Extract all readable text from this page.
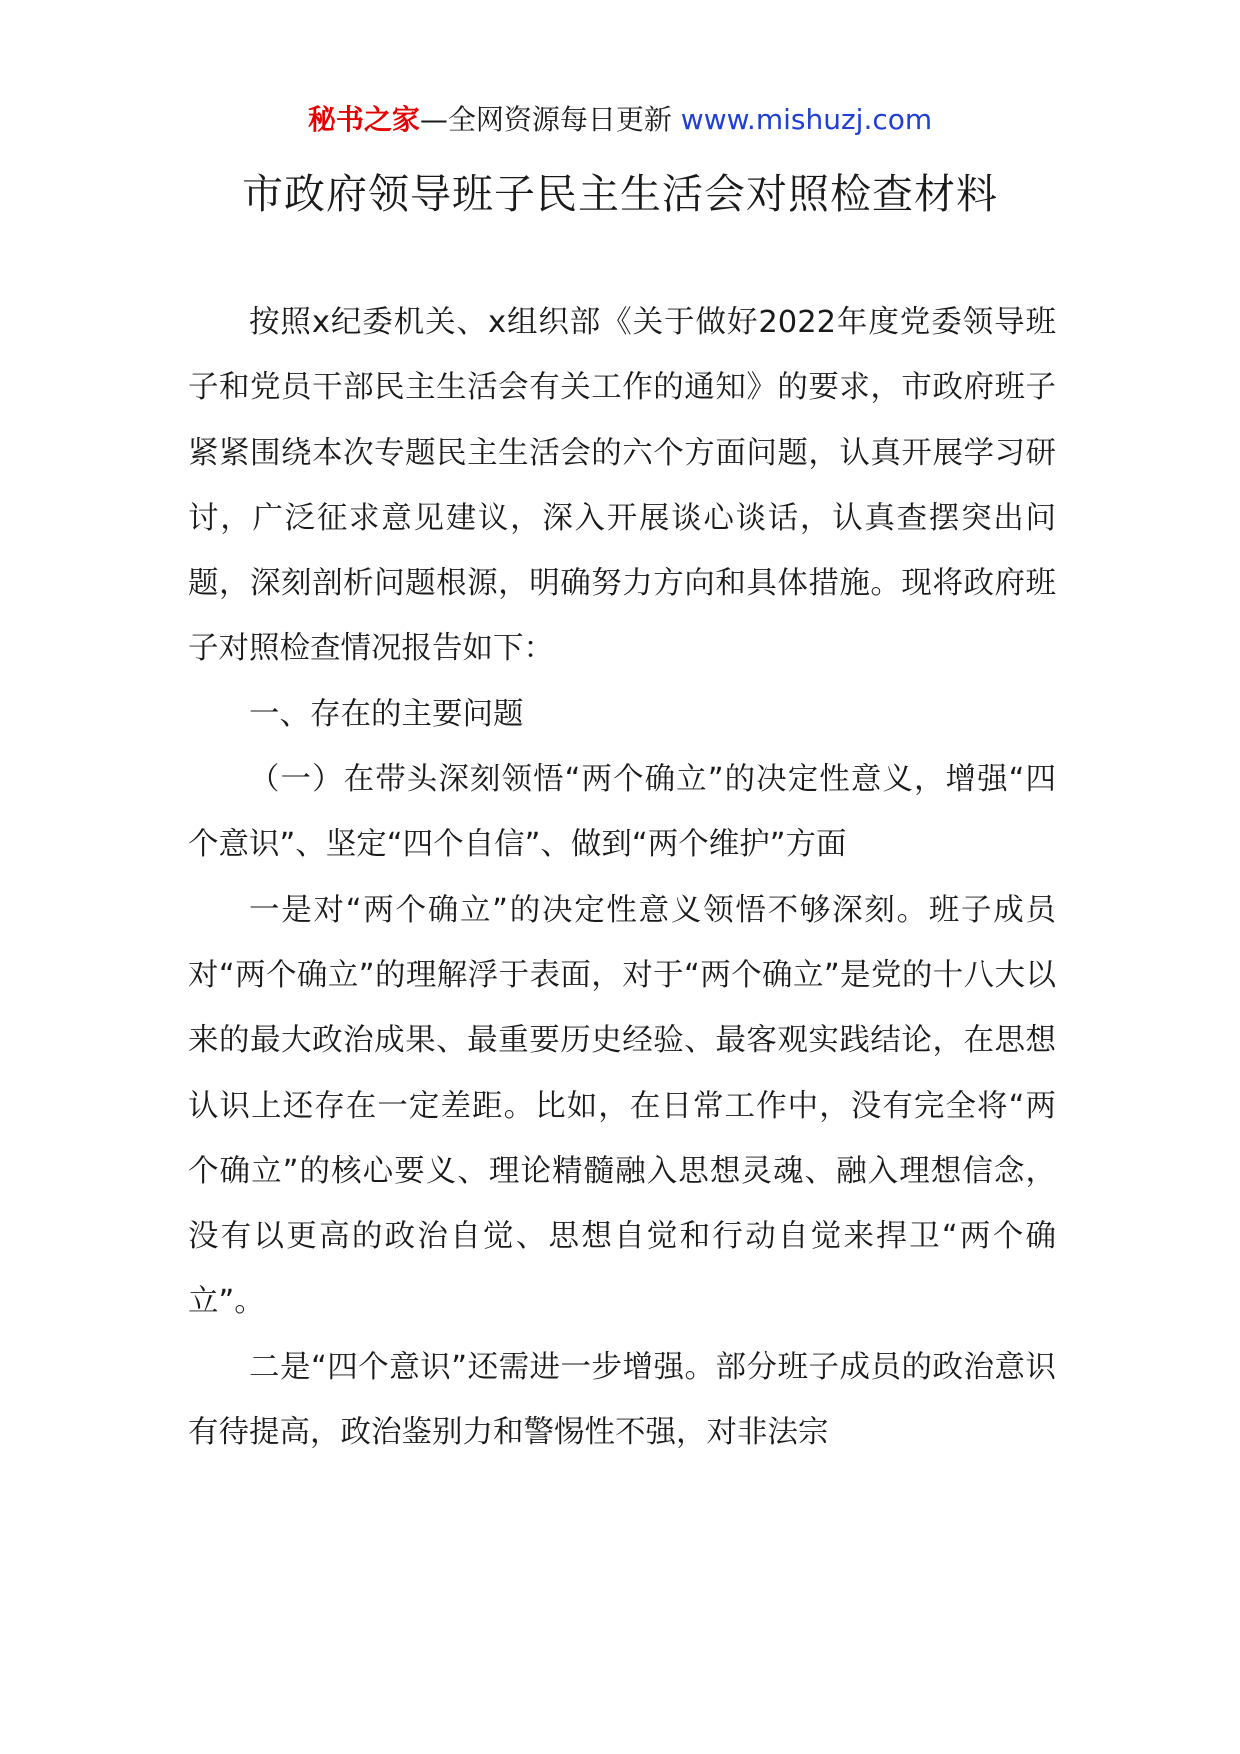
秘书之家—全网资源每日更新 www.mishuzj.com
市政府领导班子民主生活会对照检查材料

按照x纪委机关、x组织部《关于做好2022年度党委领导班子和党员干部民主生活会有关工作的通知》的要求，市政府班子紧紧围绕本次专题民主生活会的六个方面问题，认真开展学习研讨，广泛征求意见建议，深入开展谈心谈话，认真查摆突出问题，深刻剖析问题根源，明确努力方向和具体措施。现将政府班子对照检查情况报告如下：

一、存在的主要问题

（一）在带头深刻领悟“两个确立”的决定性意义，增强“四个意识”、坚定“四个自信”、做到“两个维护”方面

一是对“两个确立”的决定性意义领悟不够深刻。班子成员对“两个确立”的理解浮于表面，对于“两个确立”是党的十八大以来的最大政治成果、最重要历史经验、最客观实践结论，在思想认识上还存在一定差距。比如，在日常工作中，没有完全将“两个确立”的核心要义、理论精髓融入思想灵魂、融入理想信念，没有以更高的政治自觉、思想自觉和行动自觉来捍卫“两个确立”。

二是“四个意识”还需进一步增强。部分班子成员的政治意识有待提高，政治鉴别力和警惕性不强，对非法宗
